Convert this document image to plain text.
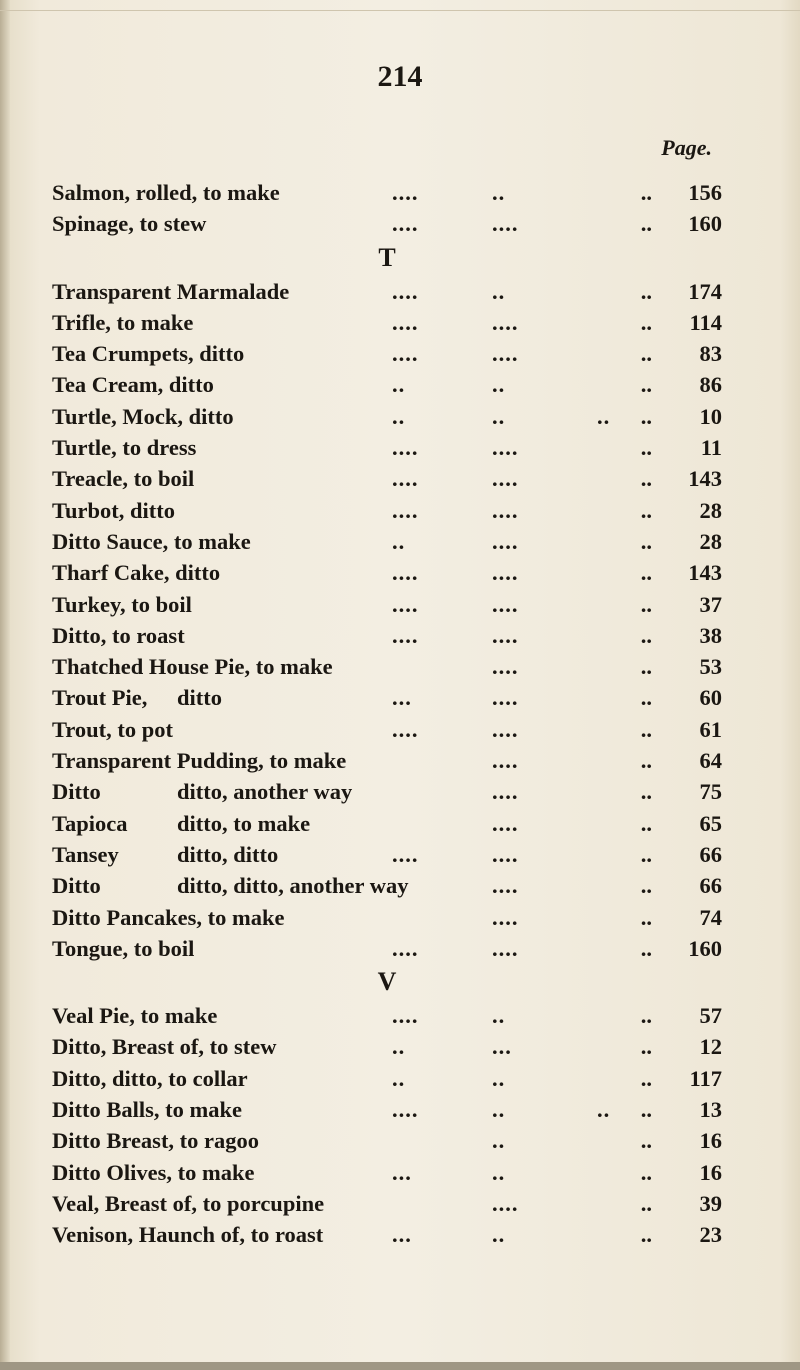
214
Page.
Salmon, rolled, to make	....	..	.. 156
Spinage, to stew	....	....	.. 160
T
Transparent Marmalade	....	..	.. 174
Trifle, to make	....	....	.. 114
Tea Crumpets, ditto	....	....	.. 83
Tea Cream, ditto	..	..	.. 86
Turtle, Mock, ditto	..	..	.. .. 10
Turtle, to dress	....	....	.. 11
Treacle, to boil	....	....	.. 143
Turbot, ditto	....	....	.. 28
Ditto Sauce, to make	..	....	.. 28
Tharf Cake, ditto	....	....	.. 143
Turkey, to boil	....	....	.. 37
Ditto, to roast	....	....	.. 38
Thatched House Pie, to make	....	.. 53
Trout Pie, ditto	...	....	.. 60
Trout, to pot	....	....	.. 61
Transparent Pudding, to make	....	.. 64
Ditto	ditto, another way	....	.. 75
Tapioca ditto, to make	....	.. 65
Tansey	ditto, ditto	....	....	.. 66
Ditto	ditto, ditto, another way	....	.. 66
Ditto Pancakes, to make	....	.. 74
Tongue, to boil	....	....	.. 160
V
Veal Pie, to make	....	..	.. 57
Ditto, Breast of, to stew	..	...	.. 12
Ditto, ditto, to collar	..	..	.. 117
Ditto Balls, to make	....	..	.. .. 13
Ditto Breast, to ragoo	..	.. 16
Ditto Olives, to make	...	..	.. 16
Veal, Breast of, to porcupine	....	.. 39
Venison, Haunch of, to roast	...	..	.. 23
